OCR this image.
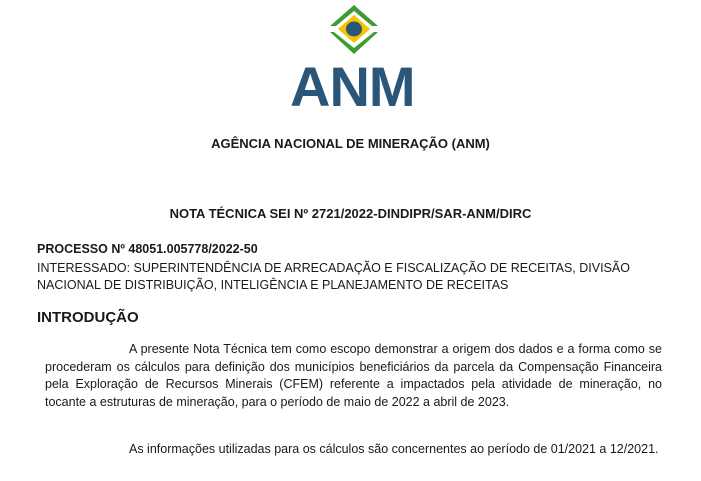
ANM
AGÊNCIA NACIONAL DE MINERAÇÃO (ANM)
NOTA TÉCNICA SEI Nº 2721/2022-DINDIPR/SAR-ANM/DIRC
PROCESSO Nº 48051.005778/2022-50
INTERESSADO: SUPERINTENDÊNCIA DE ARRECADAÇÃO E FISCALIZAÇÃO DE RECEITAS, DIVISÃO NACIONAL DE DISTRIBUIÇÃO, INTELIGÊNCIA E PLANEJAMENTO DE RECEITAS
INTRODUÇÃO
A presente Nota Técnica tem como escopo demonstrar a origem dos dados e a forma como se procederam os cálculos para definição dos municípios beneficiários da parcela da Compensação Financeira pela Exploração de Recursos Minerais (CFEM) referente a impactados pela atividade de mineração, no tocante a estruturas de mineração, para o período de maio de 2022 a abril de 2023.
As informações utilizadas para os cálculos são concernentes ao período de 01/2021 a 12/2021.
